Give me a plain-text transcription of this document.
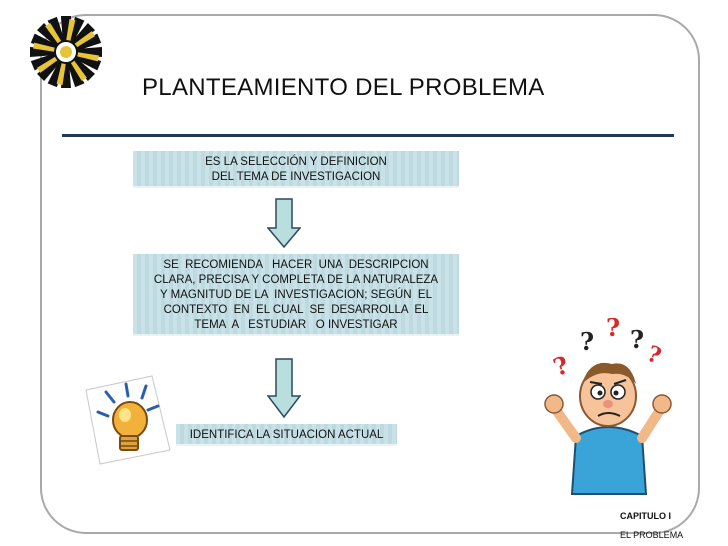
PLANTEAMIENTO DEL PROBLEMA
ES LA SELECCIÓN Y DEFINICION
DEL TEMA DE INVESTIGACION
SE  RECOMIENDA   HACER  UNA  DESCRIPCION
CLARA, PRECISA Y COMPLETA DE LA NATURALEZA
Y MAGNITUD DE LA  INVESTIGACION; SEGÚN  EL
CONTEXTO  EN  EL CUAL  SE  DESARROLLA  EL
TEMA  A   ESTUDIAR   O INVESTIGAR
IDENTIFICA LA SITUACION ACTUAL
? ? ?
?	?
CAPITULO I
EL PROBLEMA
